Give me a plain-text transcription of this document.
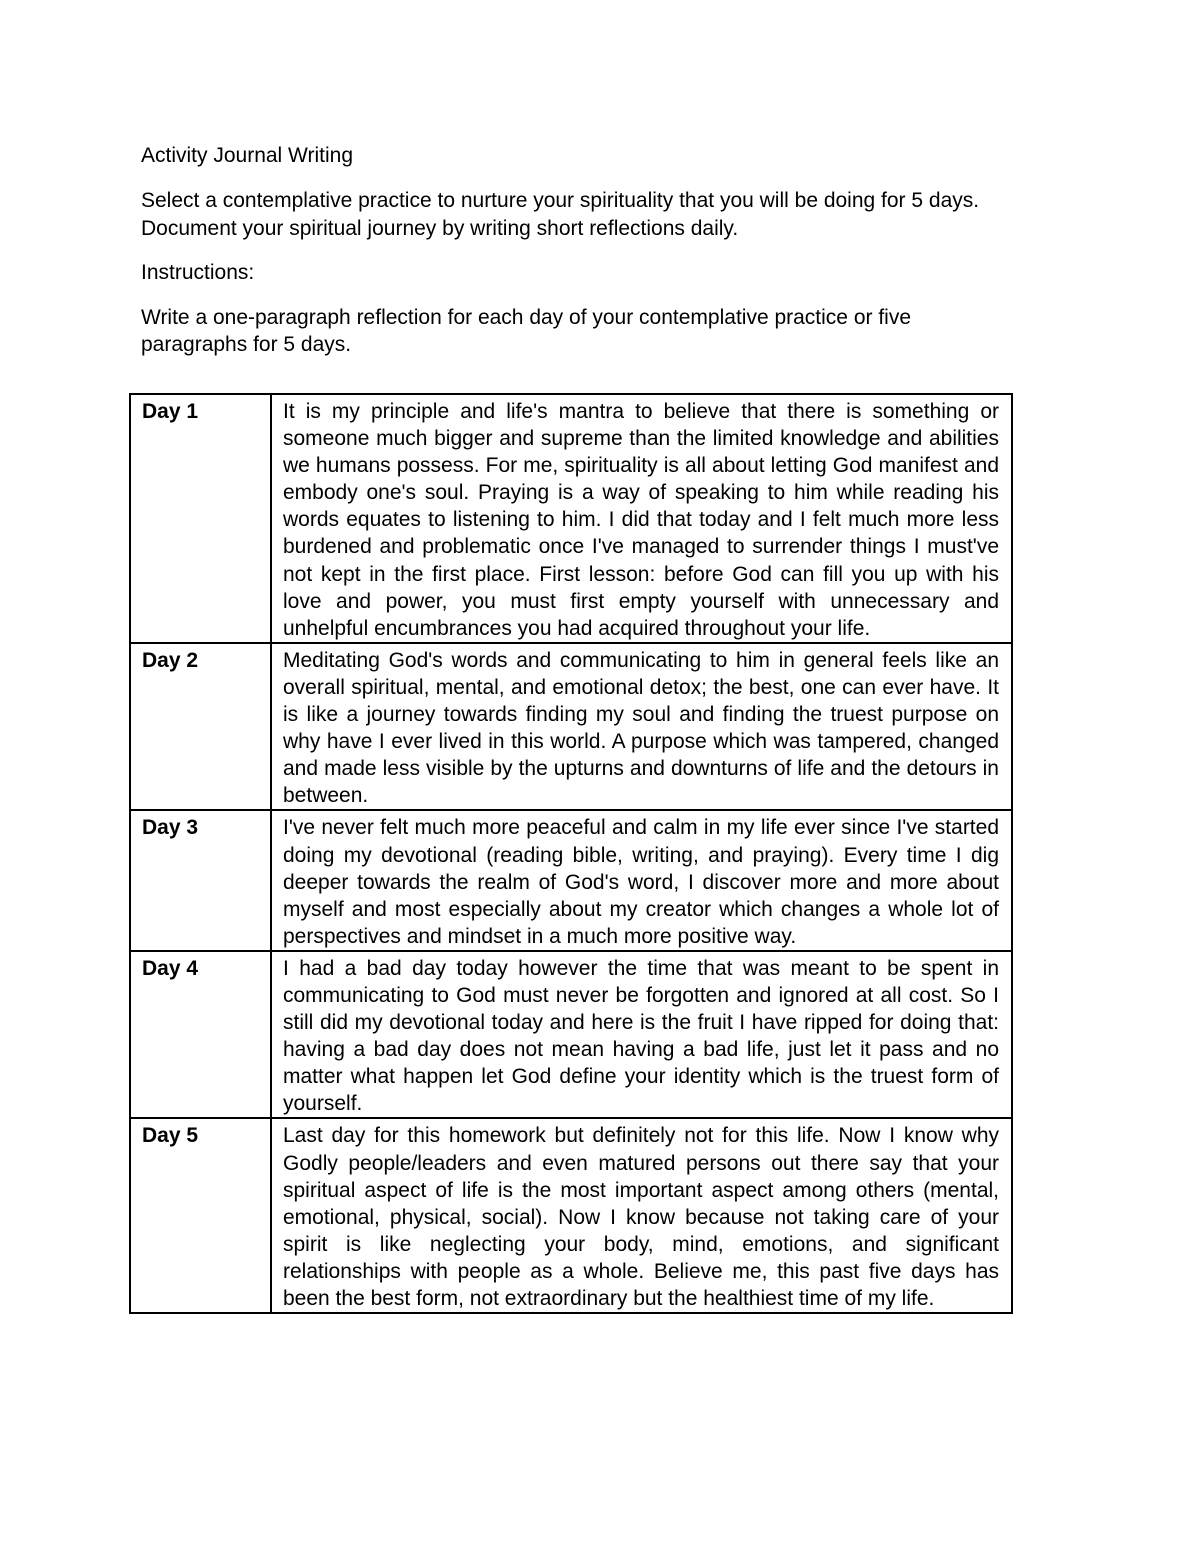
Activity Journal Writing

Select a contemplative practice to nurture your spirituality that you will be doing for 5 days. Document your spiritual journey by writing short reflections daily.

Instructions:

Write a one-paragraph reflection for each day of your contemplative practice or five paragraphs for 5 days.

Day 1	It is my principle and life's mantra to believe that there is something or someone much bigger and supreme than the limited knowledge and abilities we humans possess. For me, spirituality is all about letting God manifest and embody one's soul. Praying is a way of speaking to him while reading his words equates to listening to him. I did that today and I felt much more less burdened and problematic once I've managed to surrender things I must've not kept in the first place. First lesson: before God can fill you up with his love and power, you must first empty yourself with unnecessary and unhelpful encumbrances you had acquired throughout your life.
Day 2	Meditating God's words and communicating to him in general feels like an overall spiritual, mental, and emotional detox; the best, one can ever have. It is like a journey towards finding my soul and finding the truest purpose on why have I ever lived in this world. A purpose which was tampered, changed and made less visible by the upturns and downturns of life and the detours in between.
Day 3	I've never felt much more peaceful and calm in my life ever since I've started doing my devotional (reading bible, writing, and praying). Every time I dig deeper towards the realm of God's word, I discover more and more about myself and most especially about my creator which changes a whole lot of perspectives and mindset in a much more positive way.
Day 4	I had a bad day today however the time that was meant to be spent in communicating to God must never be forgotten and ignored at all cost. So I still did my devotional today and here is the fruit I have ripped for doing that: having a bad day does not mean having a bad life, just let it pass and no matter what happen let God define your identity which is the truest form of yourself.
Day 5	Last day for this homework but definitely not for this life. Now I know why Godly people/leaders and even matured persons out there say that your spiritual aspect of life is the most important aspect among others (mental, emotional, physical, social). Now I know because not taking care of your spirit is like neglecting your body, mind, emotions, and significant relationships with people as a whole. Believe me, this past five days has been the best form, not extraordinary but the healthiest time of my life.
